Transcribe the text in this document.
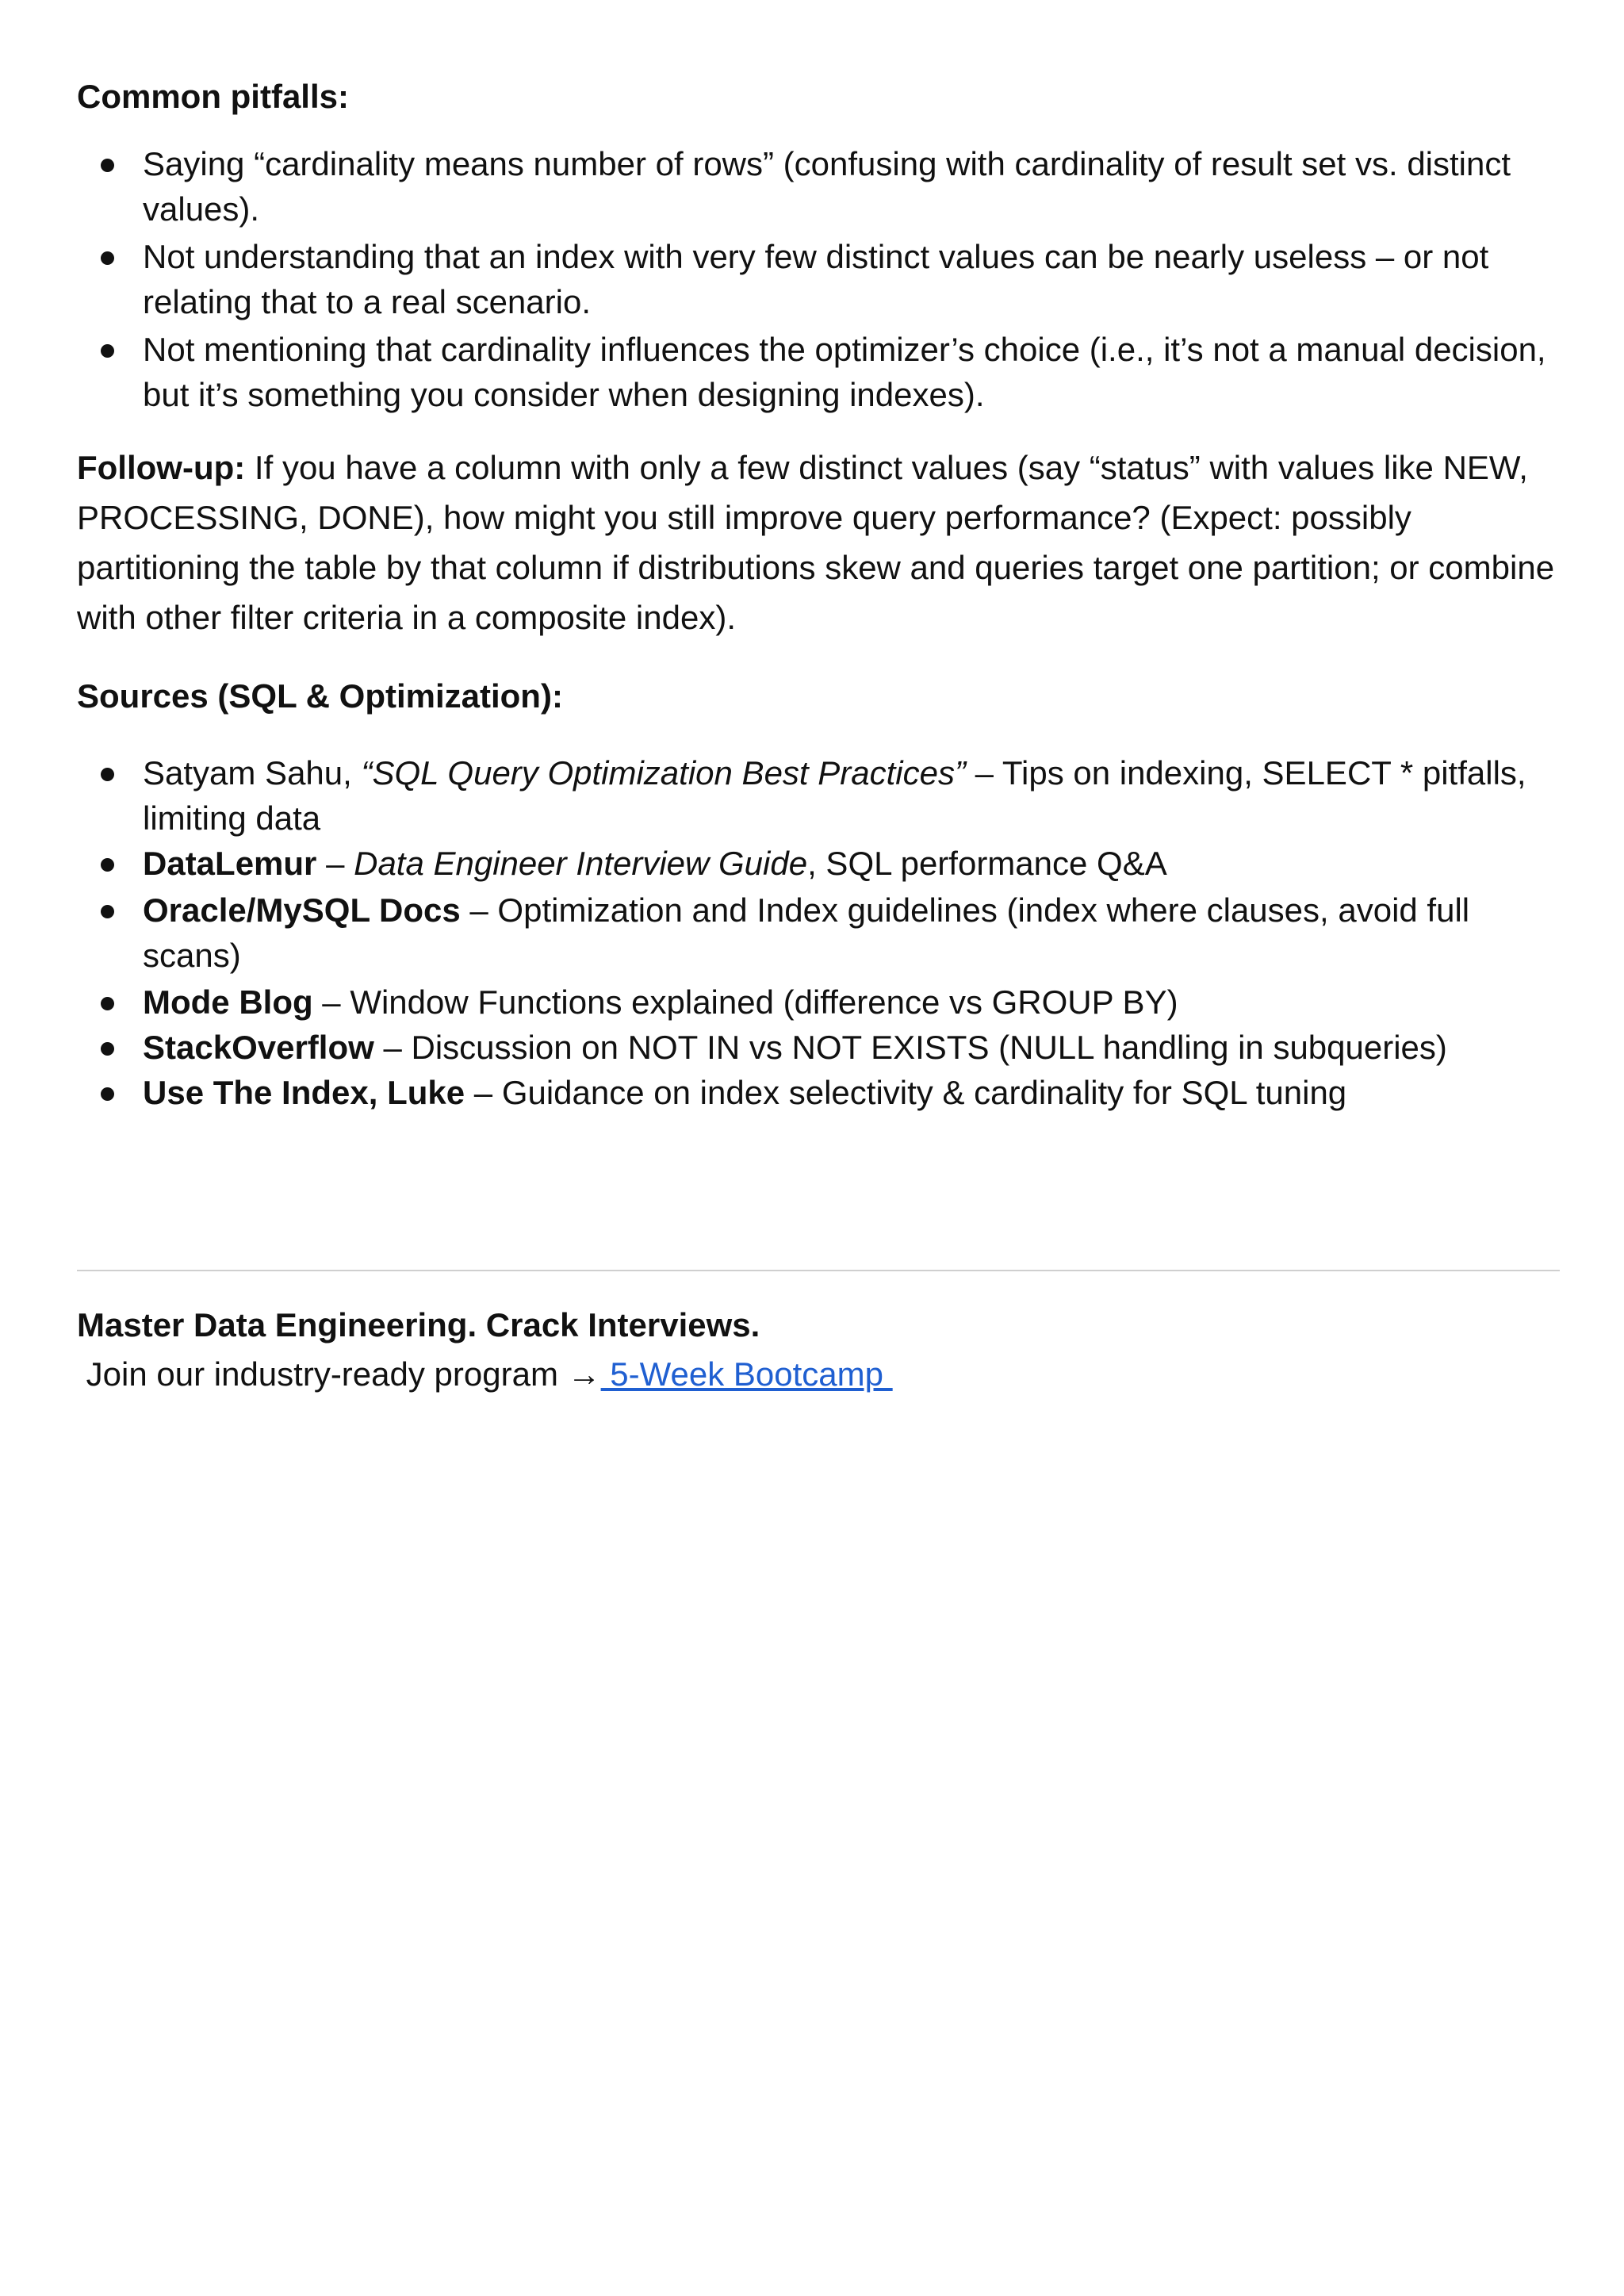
Common pitfalls:

Saying “cardinality means number of rows” (confusing with cardinality of result set vs. distinct values).
Not understanding that an index with very few distinct values can be nearly useless – or not relating that to a real scenario.
Not mentioning that cardinality influences the optimizer’s choice (i.e., it’s not a manual decision, but it’s something you consider when designing indexes).

Follow-up: If you have a column with only a few distinct values (say “status” with values like NEW, PROCESSING, DONE), how might you still improve query performance? (Expect: possibly partitioning the table by that column if distributions skew and queries target one partition; or combine with other filter criteria in a composite index).

Sources (SQL & Optimization):

Satyam Sahu, “SQL Query Optimization Best Practices” – Tips on indexing, SELECT * pitfalls, limiting data
DataLemur – Data Engineer Interview Guide, SQL performance Q&A
Oracle/MySQL Docs – Optimization and Index guidelines (index where clauses, avoid full scans)
Mode Blog – Window Functions explained (difference vs GROUP BY)
StackOverflow – Discussion on NOT IN vs NOT EXISTS (NULL handling in subqueries)
Use The Index, Luke – Guidance on index selectivity & cardinality for SQL tuning

Master Data Engineering. Crack Interviews.

Join our industry-ready program → 5-Week Bootcamp
